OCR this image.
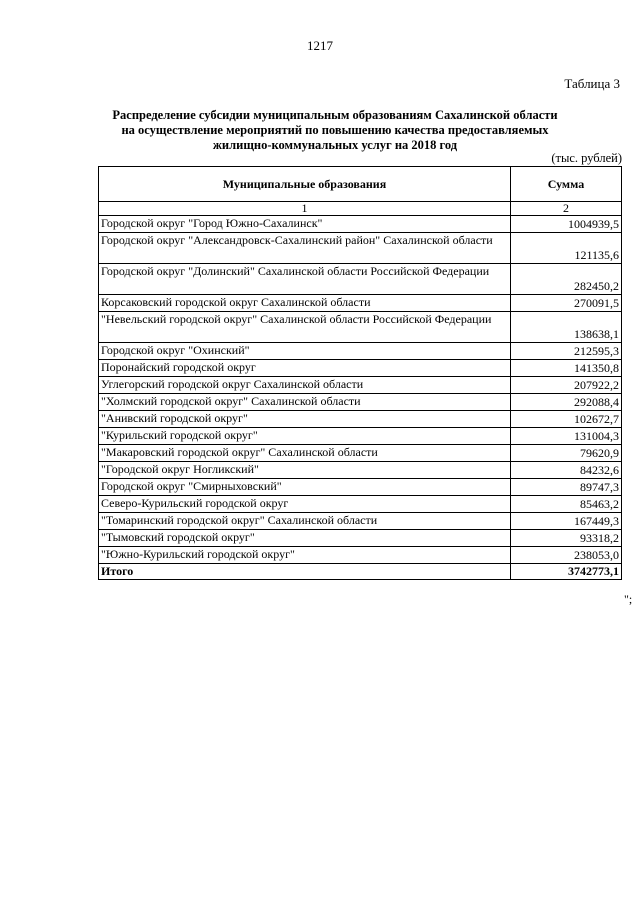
1217
Таблица 3
Распределение субсидии муниципальным образованиям Сахалинской области
на осуществление мероприятий по повышению качества предоставляемых
жилищно-коммунальных услуг на 2018 год
(тыс. рублей)
Муниципальные образования	Сумма
1	2
Городской округ "Город Южно-Сахалинск"	1004939,5
Городской округ "Александровск-Сахалинский район" Сахалинской области	121135,6
Городской округ "Долинский" Сахалинской области Российской Федерации	282450,2
Корсаковский городской округ Сахалинской области	270091,5
"Невельский городской округ" Сахалинской области Российской Федерации	138638,1
Городской округ "Охинский"	212595,3
Поронайский городской округ	141350,8
Углегорский городской округ Сахалинской области	207922,2
"Холмский городской округ" Сахалинской области	292088,4
"Анивский городской округ"	102672,7
"Курильский городской округ"	131004,3
"Макаровский городской округ" Сахалинской области	79620,9
"Городской округ Ногликский"	84232,6
Городской округ "Смирныховский"	89747,3
Северо-Курильский городской округ	85463,2
"Томаринский городской округ" Сахалинской области	167449,3
"Тымовский городской округ"	93318,2
"Южно-Курильский городской округ"	238053,0
Итого	3742773,1
";
